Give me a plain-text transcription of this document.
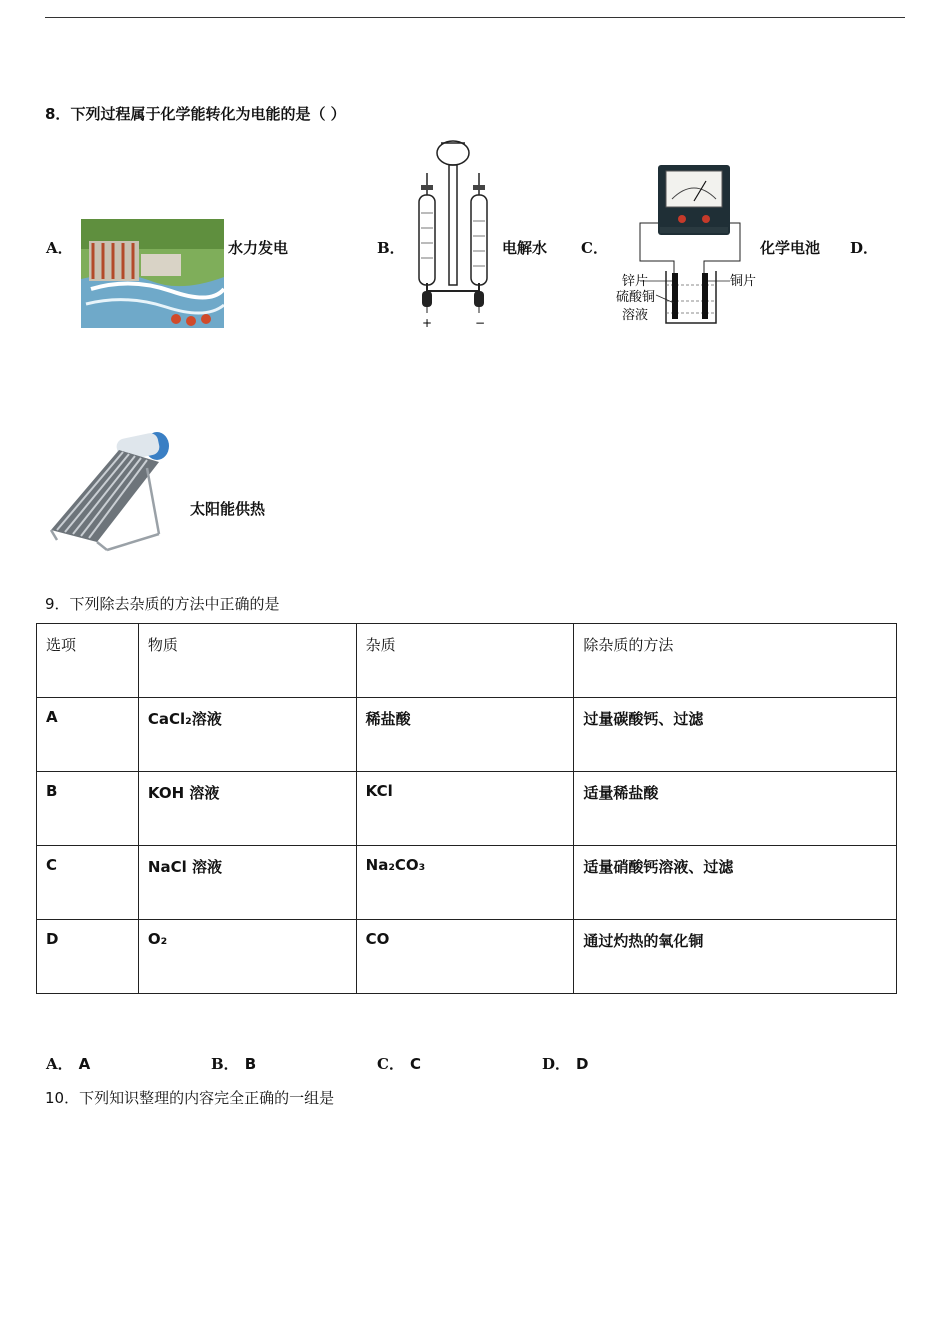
8．下列过程属于化学能转化为电能的是（ ）
A．	水力发电	B．
+	−
电解水 C．
锌片	铜片
硫酸铜
溶液
化学电池 D．
太阳能供热
9．下列除去杂质的方法中正确的是
选项	物质	杂质	除杂质的方法
A	CaCl₂溶液	稀盐酸	过量碳酸钙、过滤
B	KOH 溶液	KCl	适量稀盐酸
C	NaCl 溶液	Na₂CO₃	适量硝酸钙溶液、过滤
D	O₂	CO	通过灼热的氧化铜
A． A	B． B	C． C	D． D
10．下列知识整理的内容完全正确的一组是
